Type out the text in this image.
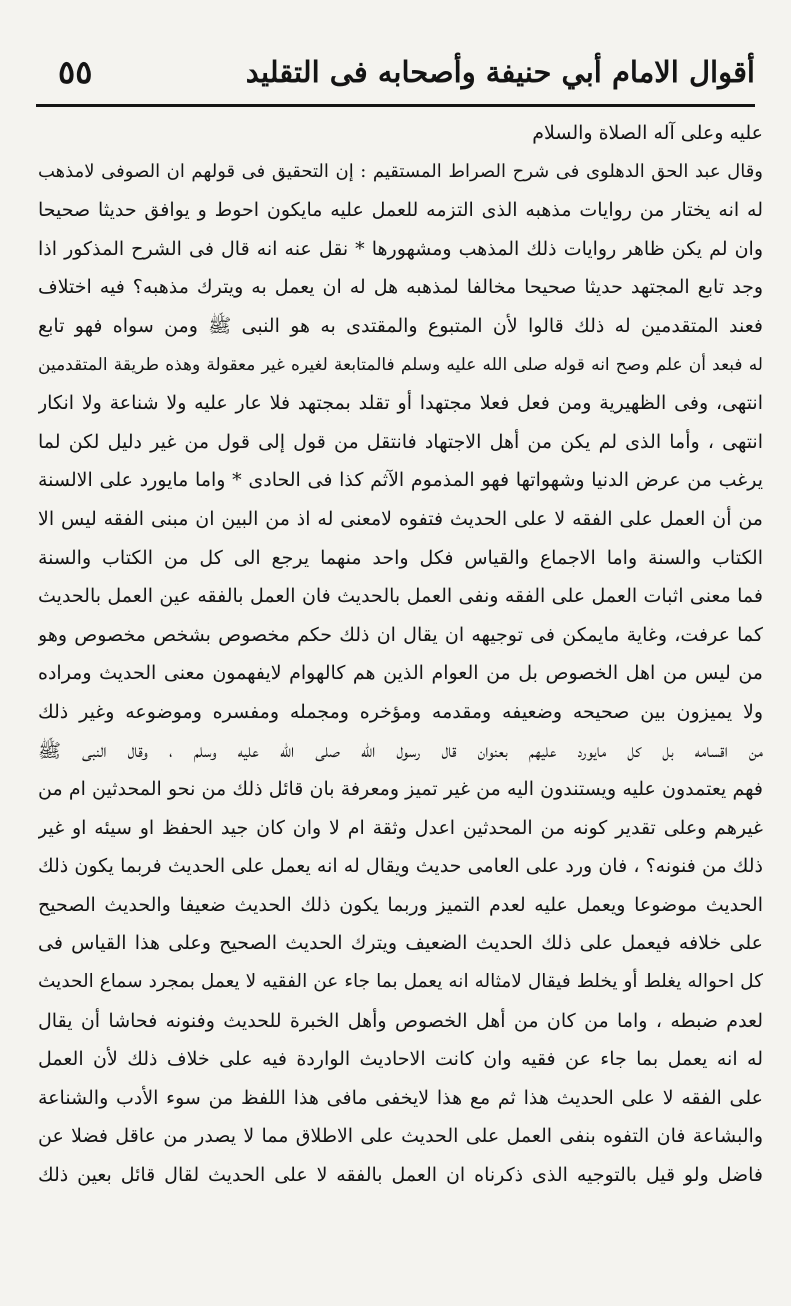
أقوال الامام أبي حنيفة وأصحابه فى التقليد
٥٥
عليه وعلى آله الصلاة والسلام
وقال عبد الحق الدهلوى فى شرح الصراط المستقيم : إن التحقيق فى قولهم ان الصوفى لامذهب
له انه يختار من روايات مذهبه الذى التزمه للعمل عليه مايكون احوط و يوافق حديثا صحيحا
وان لم يكن ظاهر روايات ذلك المذهب ومشهورها * نقل عنه انه قال فى الشرح المذكور اذا
وجد تابع المجتهد حديثا صحيحا مخالفا لمذهبه هل له ان يعمل به ويترك مذهبه؟ فيه اختلاف
فعند المتقدمين له ذلك قالوا لأن المتبوع والمقتدى به هو النبى ﷺ ومن سواه فهو تابع
له فبعد أن علم وصح انه قوله صلى الله عليه وسلم فالمتابعة لغيره غير معقولة وهذه طريقة المتقدمين
انتهى، وفى الظهيرية ومن فعل فعلا مجتهدا أو تقلد بمجتهد فلا عار عليه ولا شناعة ولا انكار
انتهى ، وأما الذى لم يكن من أهل الاجتهاد فانتقل من قول إلى قول من غير دليل لكن لما
يرغب من عرض الدنيا وشهواتها فهو المذموم الآثم كذا فى الحادى * واما مايورد على الالسنة
من أن العمل على الفقه لا على الحديث فتفوه لامعنى له اذ من البين ان مبنى الفقه ليس الا
الكتاب والسنة واما الاجماع والقياس فكل واحد منهما يرجع الى كل من الكتاب والسنة
فما معنى اثبات العمل على الفقه ونفى العمل بالحديث فان العمل بالفقه عين العمل بالحديث
كما عرفت، وغاية مايمكن فى توجيهه ان يقال ان ذلك حكم مخصوص بشخص مخصوص وهو
من ليس من اهل الخصوص بل من العوام الذين هم كالهوام لايفهمون معنى الحديث ومراده
ولا يميزون بين صحيحه وضعيفه ومقدمه ومؤخره ومجمله ومفسره وموضوعه وغير ذلك
من اقسامه بل كل مايورد عليهم بعنوان قال رسول الله صلى الله عليه وسلم ، وقال النبى ﷺ
فهم يعتمدون عليه ويستندون اليه من غير تميز ومعرفة بان قائل ذلك من نحو المحدثين ام من
غيرهم وعلى تقدير كونه من المحدثين اعدل وثقة ام لا وان كان جيد الحفظ او سيئه او غير
ذلك من فنونه؟ ، فان ورد على العامى حديث ويقال له انه يعمل على الحديث فربما يكون ذلك
الحديث موضوعا ويعمل عليه لعدم التميز وربما يكون ذلك الحديث ضعيفا والحديث الصحيح
على خلافه فيعمل على ذلك الحديث الضعيف ويترك الحديث الصحيح وعلى هذا القياس فى
كل احواله يغلط أو يخلط فيقال لامثاله انه يعمل بما جاء عن الفقيه لا يعمل بمجرد سماع الحديث
لعدم ضبطه ، واما من كان من أهل الخصوص وأهل الخبرة للحديث وفنونه فحاشا أن يقال
له انه يعمل بما جاء عن فقيه وان كانت الاحاديث الواردة فيه على خلاف ذلك لأن العمل
على الفقه لا على الحديث هذا ثم مع هذا لايخفى مافى هذا اللفظ من سوء الأدب والشناعة
والبشاعة فان التفوه بنفى العمل على الحديث على الاطلاق مما لا يصدر من عاقل فضلا عن
فاضل ولو قيل بالتوجيه الذى ذكرناه ان العمل بالفقه لا على الحديث لقال قائل بعين ذلك
